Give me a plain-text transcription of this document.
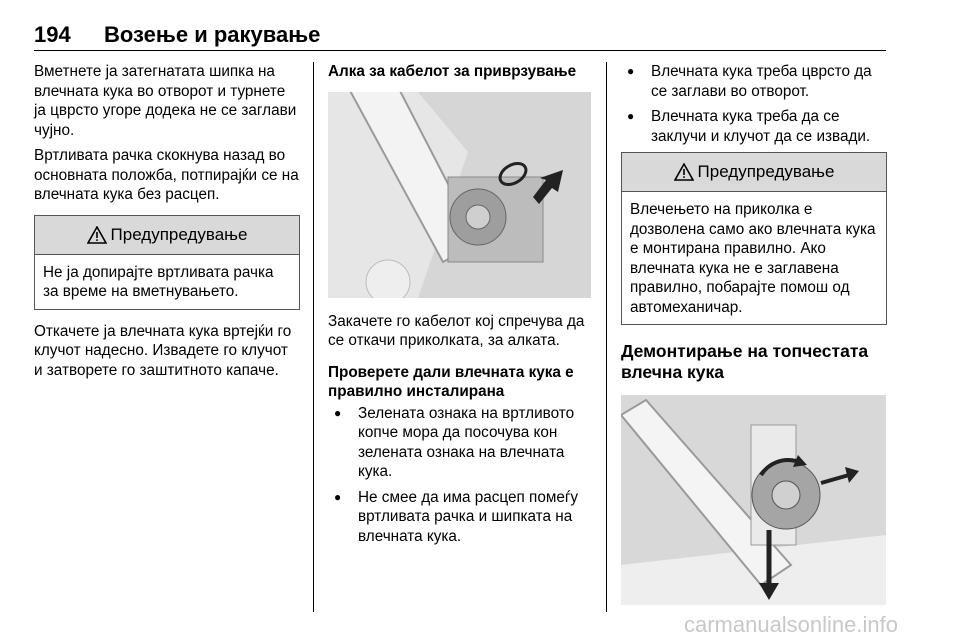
194 Возење и ракување

Вметнете ја затегнатата шипка на влечната кука во отворот и турнете ја цврсто угоре додека не се заглави чујно.

Вртливата рачка скокнува назад во основната положба, потпирајќи се на влечната кука без расцеп.

Предупредување
Не ја допирајте вртливата рачка за време на вметнувањето.

Откачете ја влечната кука вртејќи го клучот надесно. Извадете го клучот и затворете го заштитното капаче.

Алка за кабелот за приврзување

Закачете го кабелот кој спречува да се откачи приколката, за алката.

Проверете дали влечната кука е правилно инсталирана

● Зелената ознака на вртливото копче мора да посочува кон зелената ознака на влечната кука.
● Не смее да има расцеп помеѓу вртливата рачка и шипката на влечната кука.
● Влечната кука треба цврсто да се заглави во отворот.
● Влечната кука треба да се заклучи и клучот да се извади.
Предупредување
Влечењето на приколка е дозволена само ако влечната кука е монтирана правилно. Ако влечната кука не е заглавена правилно, побарајте помош од автомеханичар.

Демонтирање на топчестата влечна кука

carmanualsonline.info
